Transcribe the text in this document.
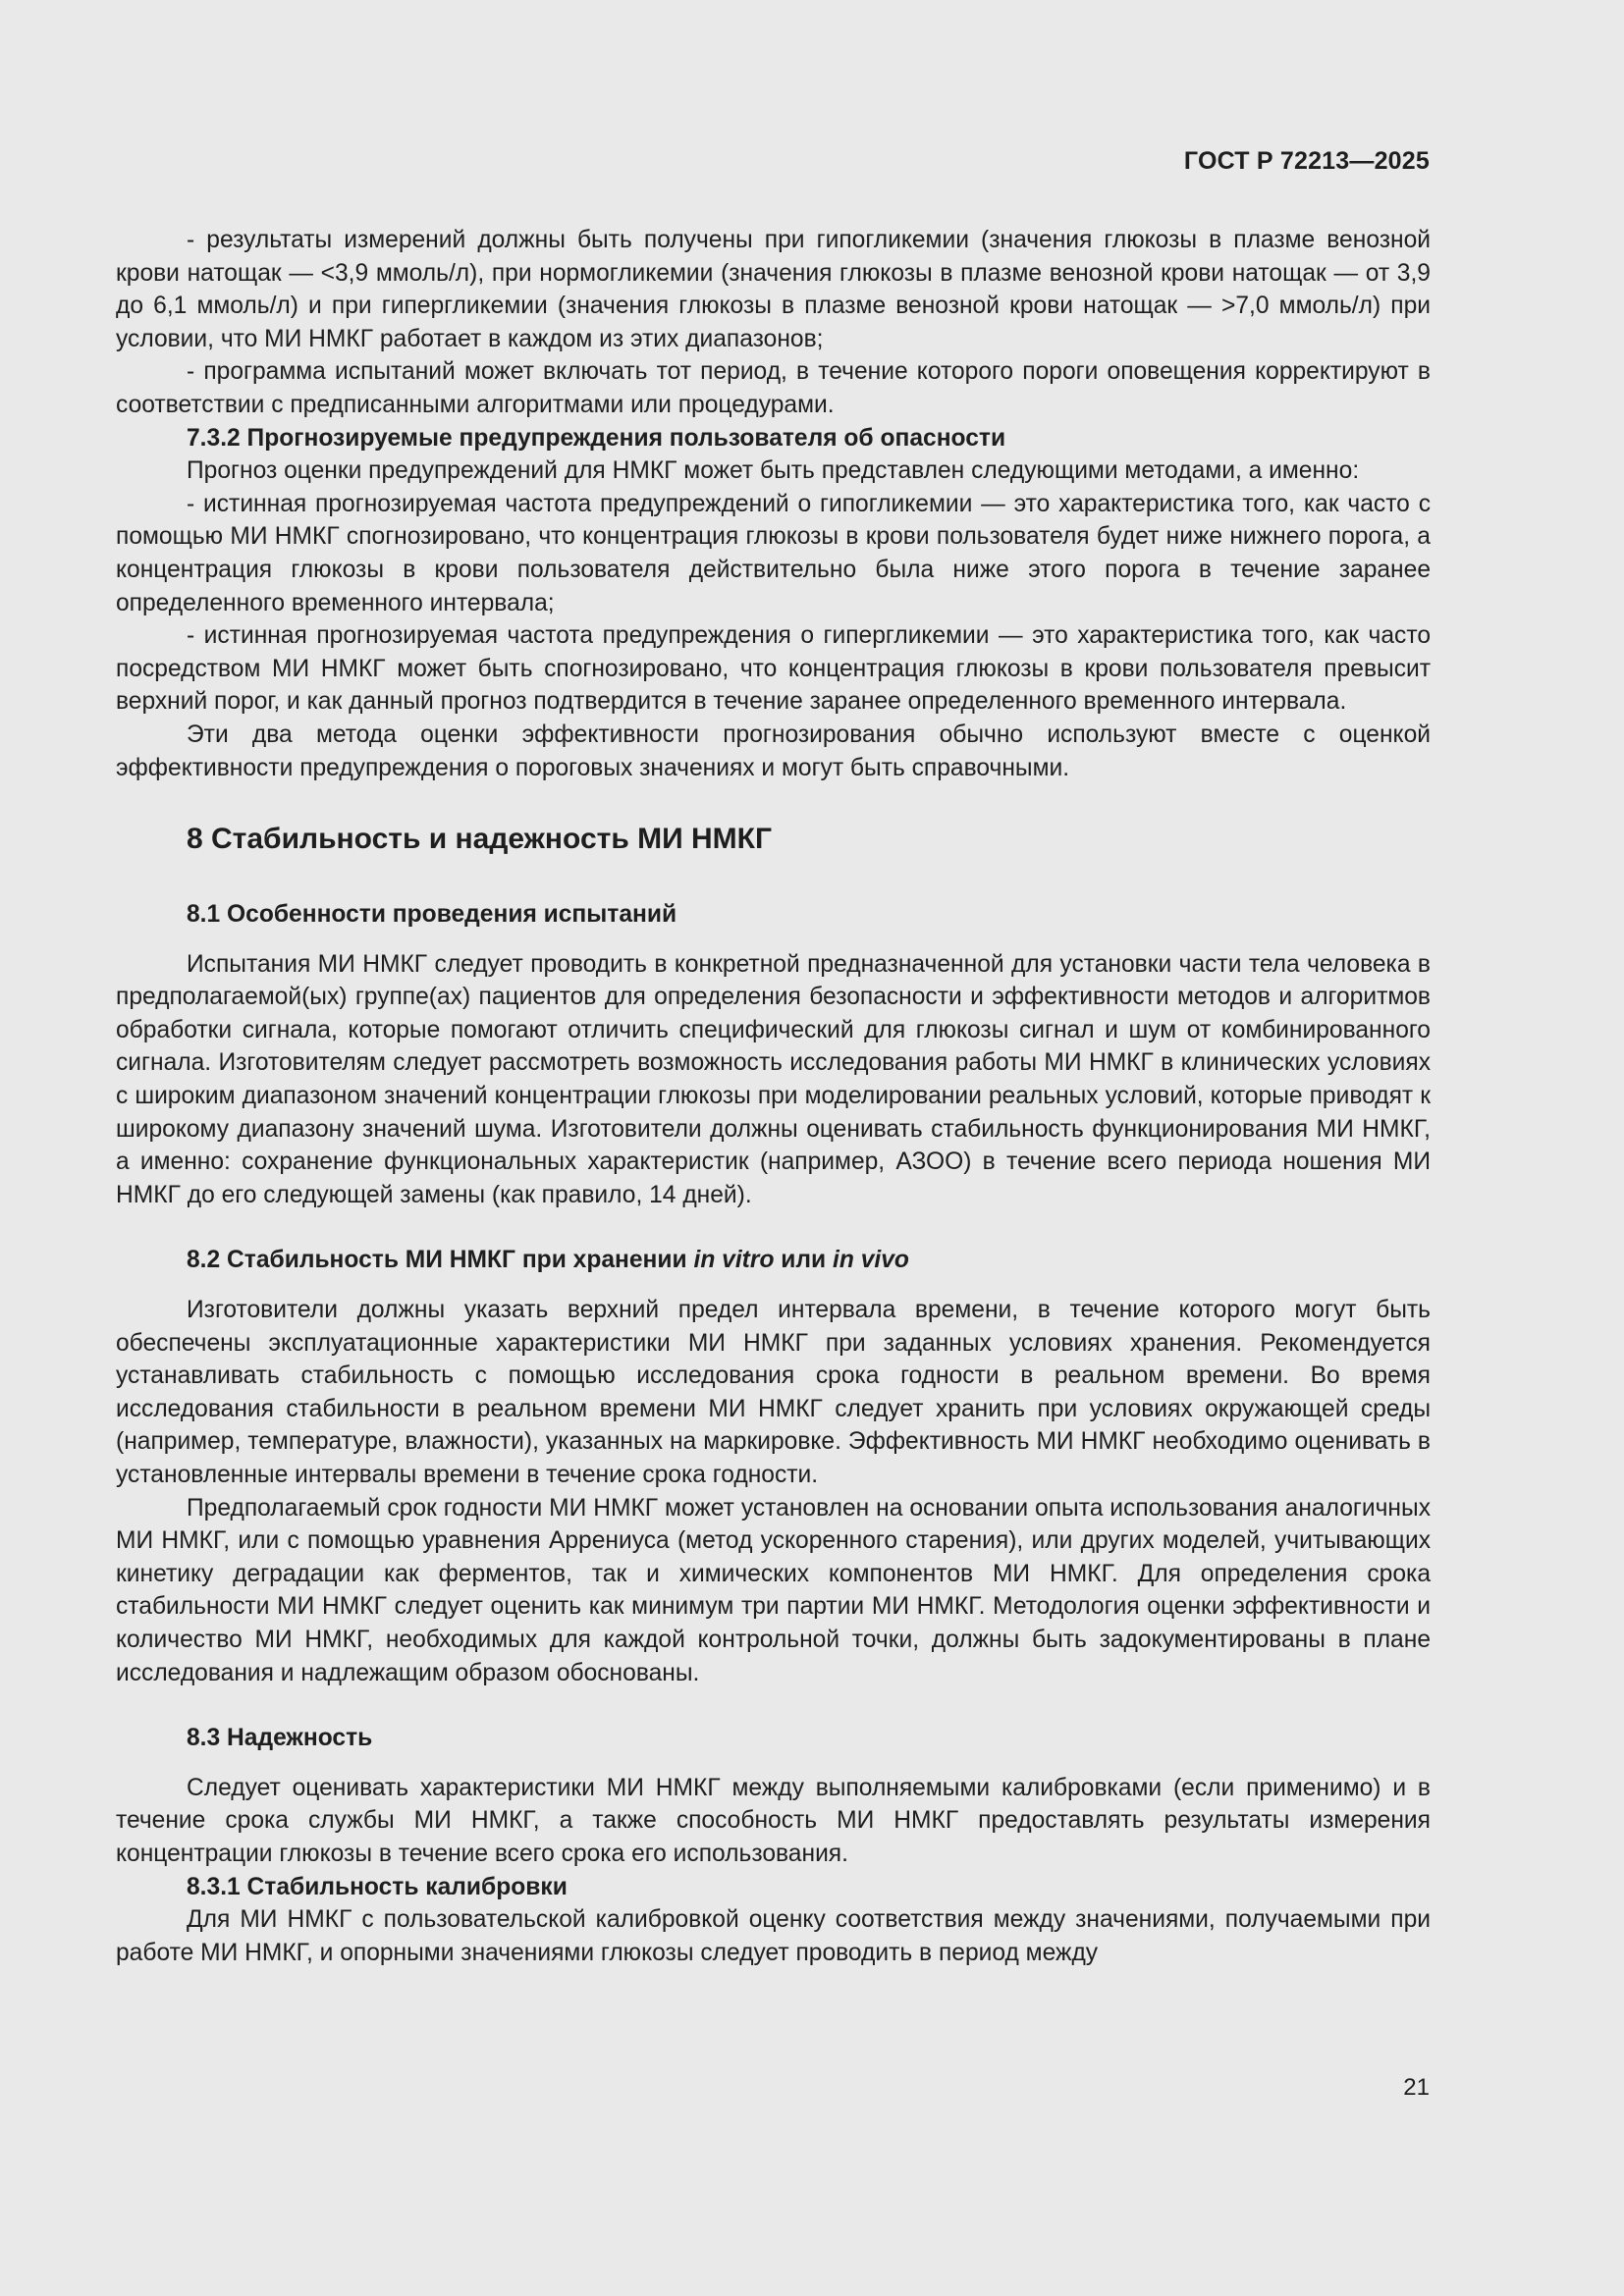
ГОСТ Р 72213—2025

- результаты измерений должны быть получены при гипогликемии (значения глюкозы в плазме венозной крови натощак — <3,9 ммоль/л), при нормогликемии (значения глюкозы в плазме венозной крови натощак — от 3,9 до 6,1 ммоль/л) и при гипергликемии (значения глюкозы в плазме венозной крови натощак — >7,0 ммоль/л) при условии, что МИ НМКГ работает в каждом из этих диапазонов;

- программа испытаний может включать тот период, в течение которого пороги оповещения корректируют в соответствии с предписанными алгоритмами или процедурами.

7.3.2 Прогнозируемые предупреждения пользователя об опасности

Прогноз оценки предупреждений для НМКГ может быть представлен следующими методами, а именно:

- истинная прогнозируемая частота предупреждений о гипогликемии — это характеристика того, как часто с помощью МИ НМКГ спогнозировано, что концентрация глюкозы в крови пользователя будет ниже нижнего порога, а концентрация глюкозы в крови пользователя действительно была ниже этого порога в течение заранее определенного временного интервала;

- истинная прогнозируемая частота предупреждения о гипергликемии — это характеристика того, как часто посредством МИ НМКГ может быть спогнозировано, что концентрация глюкозы в крови пользователя превысит верхний порог, и как данный прогноз подтвердится в течение заранее определенного временного интервала.

Эти два метода оценки эффективности прогнозирования обычно используют вместе с оценкой эффективности предупреждения о пороговых значениях и могут быть справочными.

8 Стабильность и надежность МИ НМКГ
8.1 Особенности проведения испытаний

Испытания МИ НМКГ следует проводить в конкретной предназначенной для установки части тела человека в предполагаемой(ых) группе(ах) пациентов для определения безопасности и эффективности методов и алгоритмов обработки сигнала, которые помогают отличить специфический для глюкозы сигнал и шум от комбинированного сигнала. Изготовителям следует рассмотреть возможность исследования работы МИ НМКГ в клинических условиях с широким диапазоном значений концентрации глюкозы при моделировании реальных условий, которые приводят к широкому диапазону значений шума. Изготовители должны оценивать стабильность функционирования МИ НМКГ, а именно: сохранение функциональных характеристик (например, АЗОО) в течение всего периода ношения МИ НМКГ до его следующей замены (как правило, 14 дней).

8.2 Стабильность МИ НМКГ при хранении in vitro или in vivo

Изготовители должны указать верхний предел интервала времени, в течение которого могут быть обеспечены эксплуатационные характеристики МИ НМКГ при заданных условиях хранения. Рекомендуется устанавливать стабильность с помощью исследования срока годности в реальном времени. Во время исследования стабильности в реальном времени МИ НМКГ следует хранить при условиях окружающей среды (например, температуре, влажности), указанных на маркировке. Эффективность МИ НМКГ необходимо оценивать в установленные интервалы времени в течение срока годности.

Предполагаемый срок годности МИ НМКГ может установлен на основании опыта использования аналогичных МИ НМКГ, или с помощью уравнения Аррениуса (метод ускоренного старения), или других моделей, учитывающих кинетику деградации как ферментов, так и химических компонентов МИ НМКГ. Для определения срока стабильности МИ НМКГ следует оценить как минимум три партии МИ НМКГ. Методология оценки эффективности и количество МИ НМКГ, необходимых для каждой контрольной точки, должны быть задокументированы в плане исследования и надлежащим образом обоснованы.

8.3 Надежность

Следует оценивать характеристики МИ НМКГ между выполняемыми калибровками (если применимо) и в течение срока службы МИ НМКГ, а также способность МИ НМКГ предоставлять результаты измерения концентрации глюкозы в течение всего срока его использования.

8.3.1 Стабильность калибровки

Для МИ НМКГ с пользовательской калибровкой оценку соответствия между значениями, получаемыми при работе МИ НМКГ, и опорными значениями глюкозы следует проводить в период между

21
